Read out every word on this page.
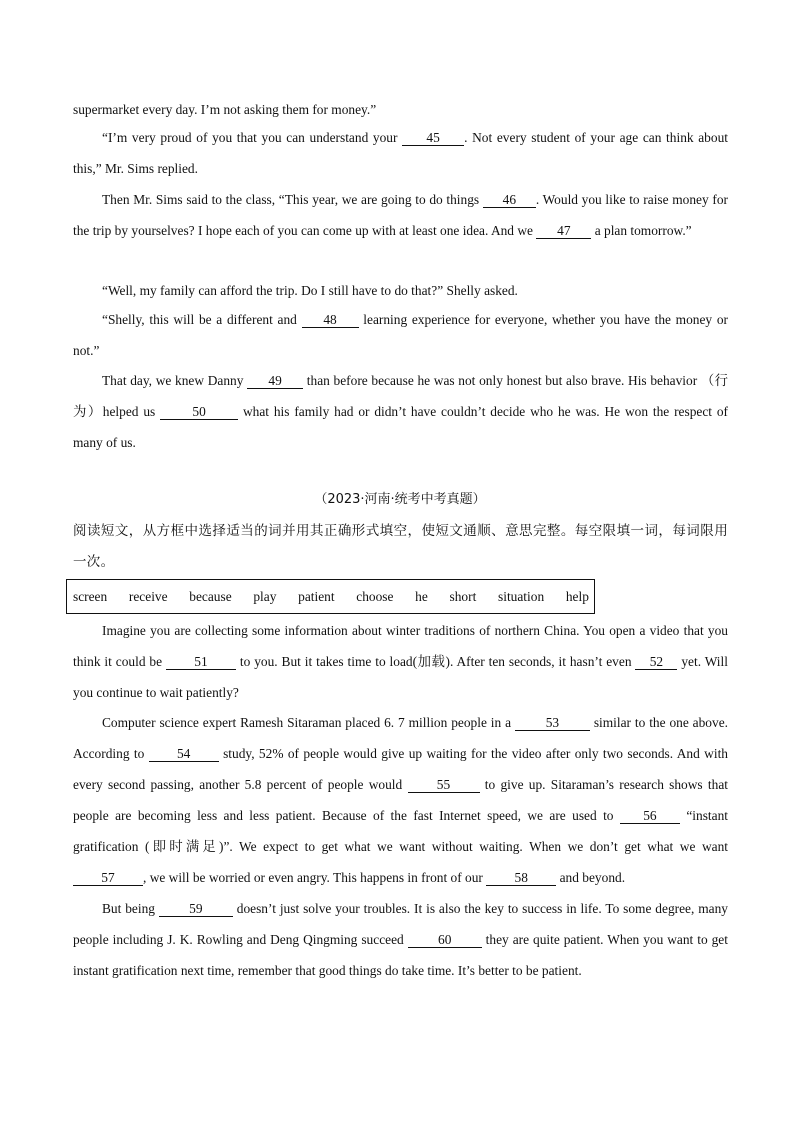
supermarket every day. I’m not asking them for money.”
“I’m very proud of you that you can understand your 45 . Not every student of your age can think about this,” Mr. Sims replied.
Then Mr. Sims said to the class, “This year, we are going to do things 46 . Would you like to raise money for the trip by yourselves? I hope each of you can come up with at least one idea. And we 47 a plan tomorrow.”
“Well, my family can afford the trip. Do I still have to do that?” Shelly asked.
“Shelly, this will be a different and 48 learning experience for everyone, whether you have the money or not.”
That day, we knew Danny 49 than before because he was not only honest but also brave. His behavior （行为）helped us	50	what his family had or didn’t have couldn’t decide who he was. He won the respect of many of us.
（2023·河南·统考中考真题）
阅读短文，从方框中选择适当的词并用其正确形式填空，使短文通顺、意思完整。每空限填一词，每词限用一次。
screen receive because play patient choose he short situation help
Imagine you are collecting some information about winter traditions of northern China. You open a video that you think it could be 51 to you. But it takes time to load(加载). After ten seconds, it hasn’t even 52 yet. Will you continue to wait patiently?
Computer science expert Ramesh Sitaraman placed 6. 7 million people in a	53	similar to the one above. According to 54 study, 52% of people would give up waiting for the video after only two seconds. And with every second passing, another 5.8 percent of people would	55	to give up. Sitaraman’s research shows that people are becoming less and less patient. Because of the fast Internet speed, we are used to 56 “instant gratification (即时满足)”. We expect to get what we want without waiting. When we don’t get what we want 57 , we will be worried or even angry. This happens in front of our 58 and beyond.
But being	59	doesn’t just solve your troubles. It is also the key to success in life. To some degree, many people including J. K. Rowling and Deng Qingming succeed	60	they are quite patient. When you want to get instant gratification next time, remember that good things do take time. It’s better to be patient.
